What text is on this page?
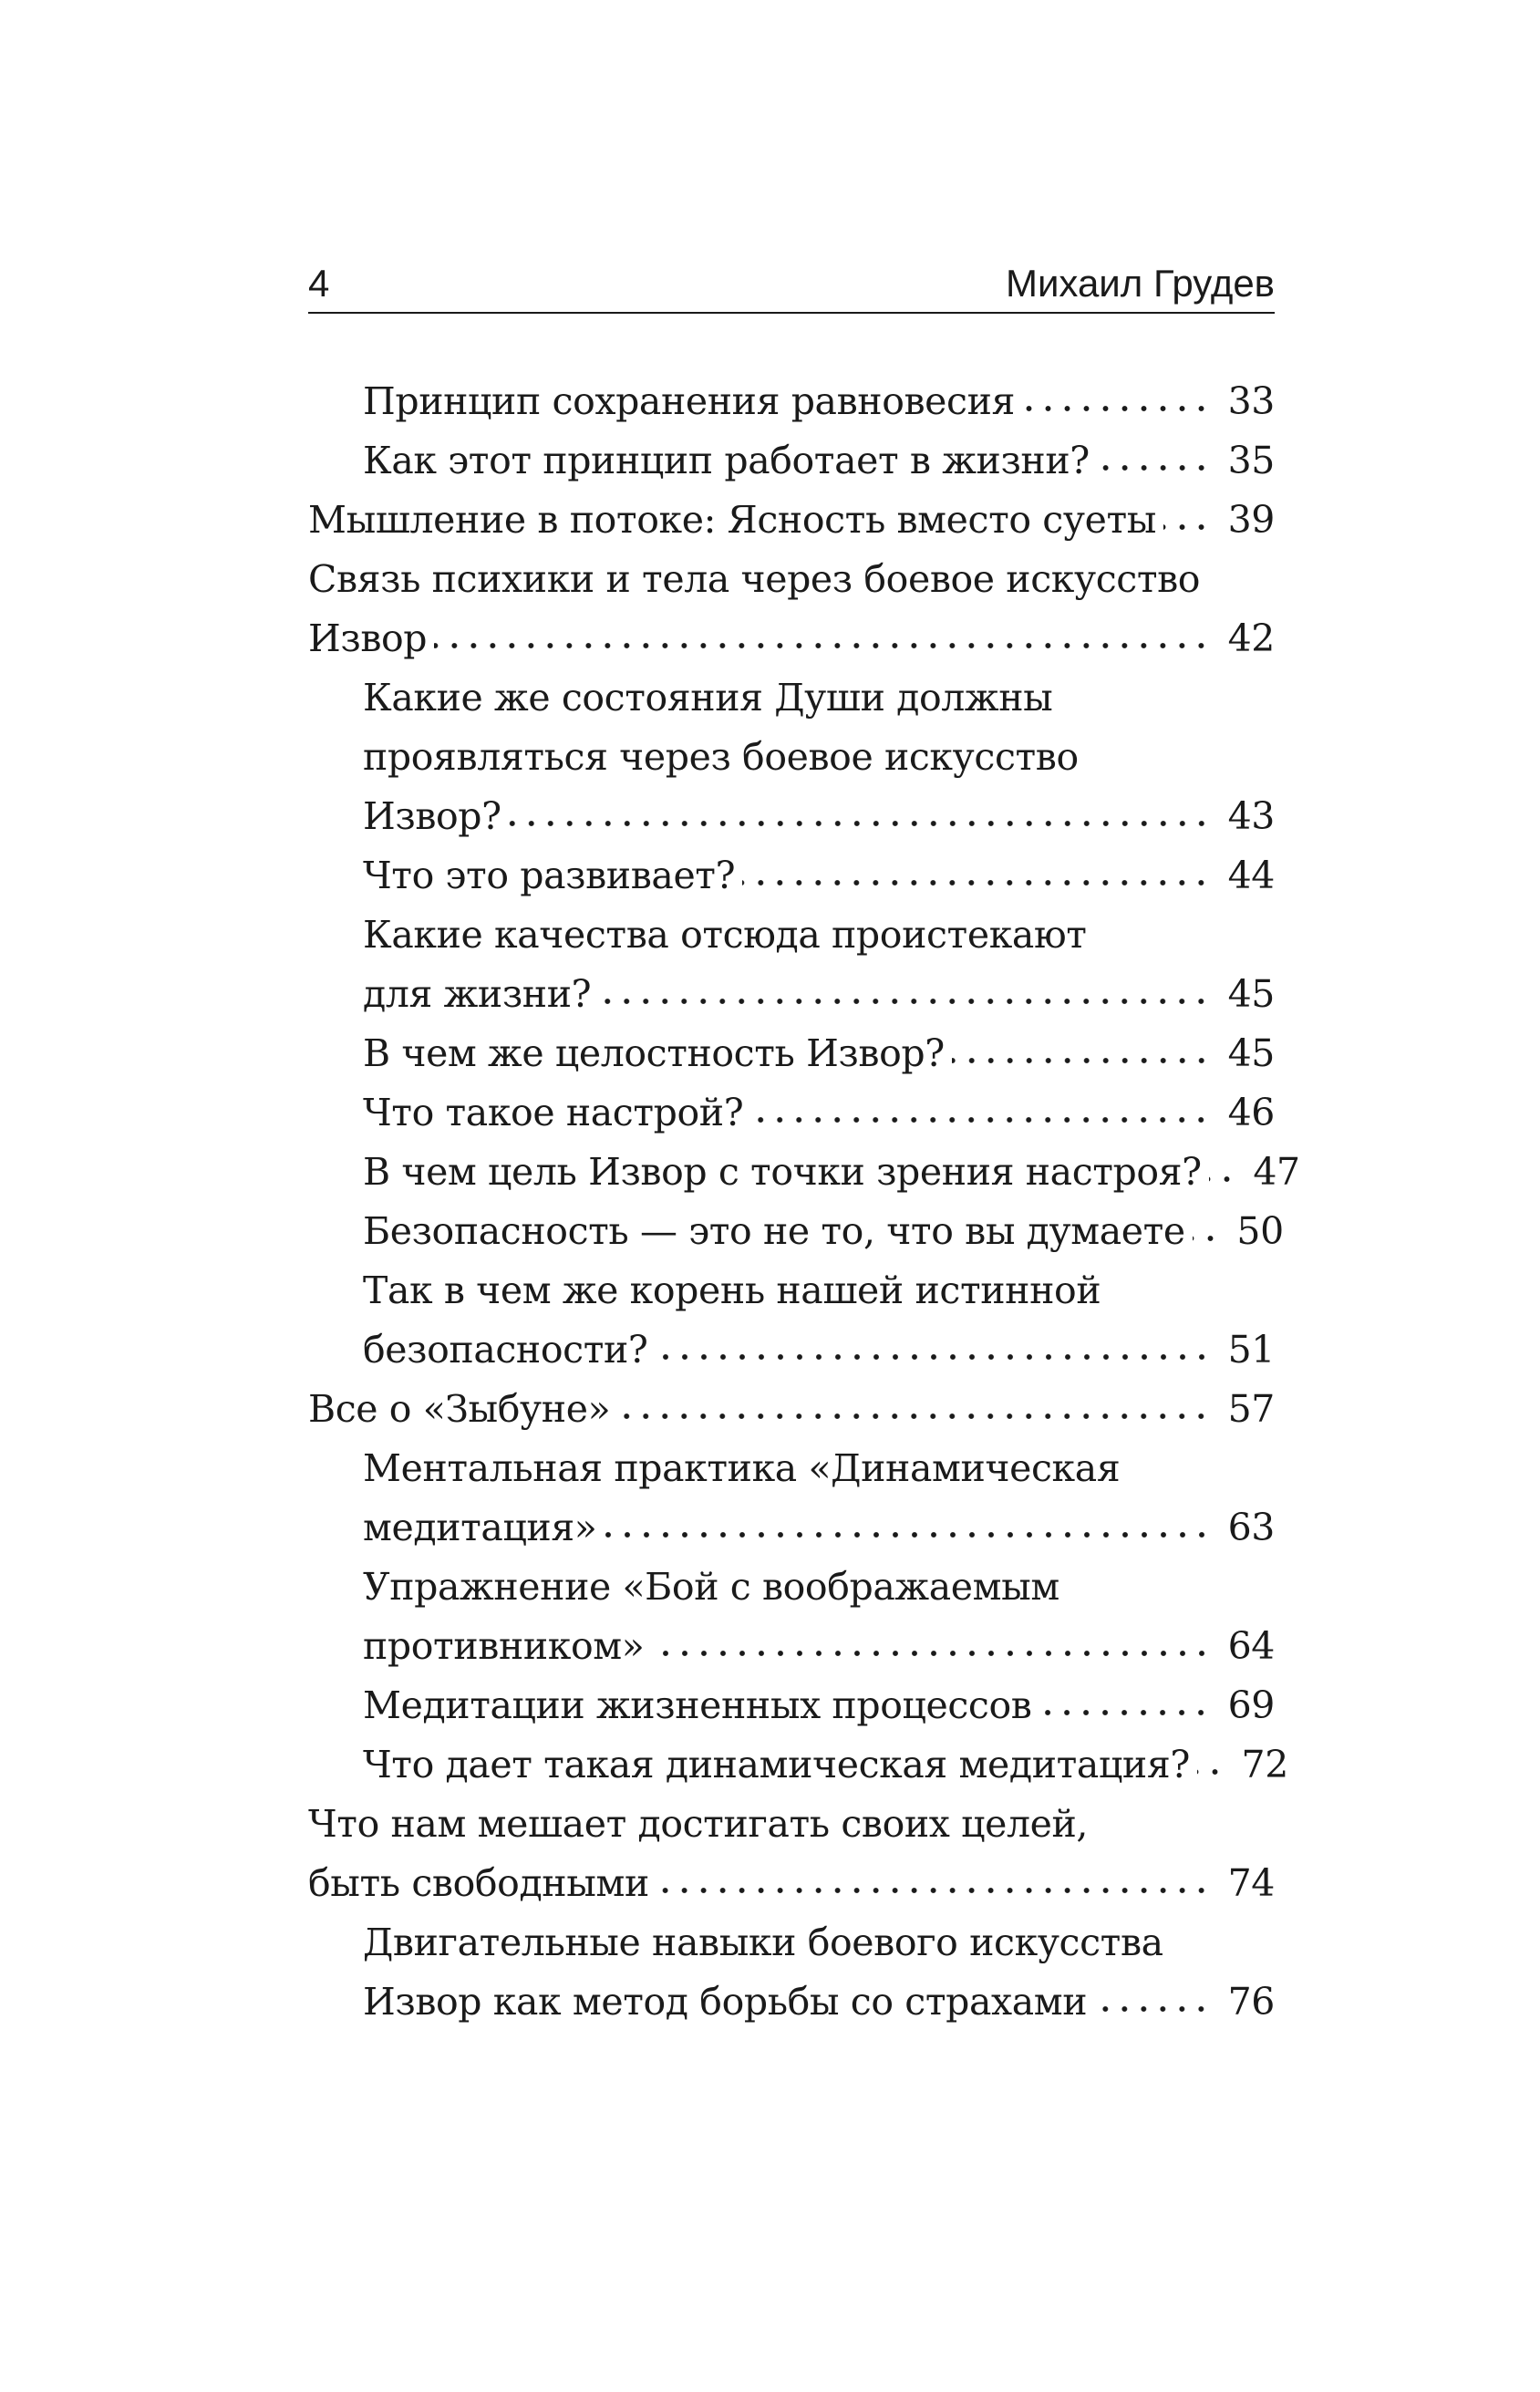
4	Михаил Грудев
Принцип сохранения равновесия	33
Как этот принцип работает в жизни?	35
Мышление в потоке: Ясность вместо суеты 39
Связь психики и тела через боевое искусство
Извор	42
Какие же состояния Души должны
проявляться через боевое искусство
Извор?	43
Что это развивает?	44
Какие качества отсюда проистекают
для жизни?	45
В чем же целостность Извор?	45
Что такое настрой?	46
В чем цель Извор с точки зрения настроя? 47
Безопасность — это не то, что вы думаете 50
Так в чем же корень нашей истинной
безопасности?	51
Все о «Зыбуне»	57
Ментальная практика «Динамическая
медитация»	63
Упражнение «Бой с воображаемым
противником»	64
Медитации жизненных процессов	69
Что дает такая динамическая медитация? 72
Что нам мешает достигать своих целей,
быть свободными	74
Двигательные навыки боевого искусства
Извор как метод борьбы со страхами	76
